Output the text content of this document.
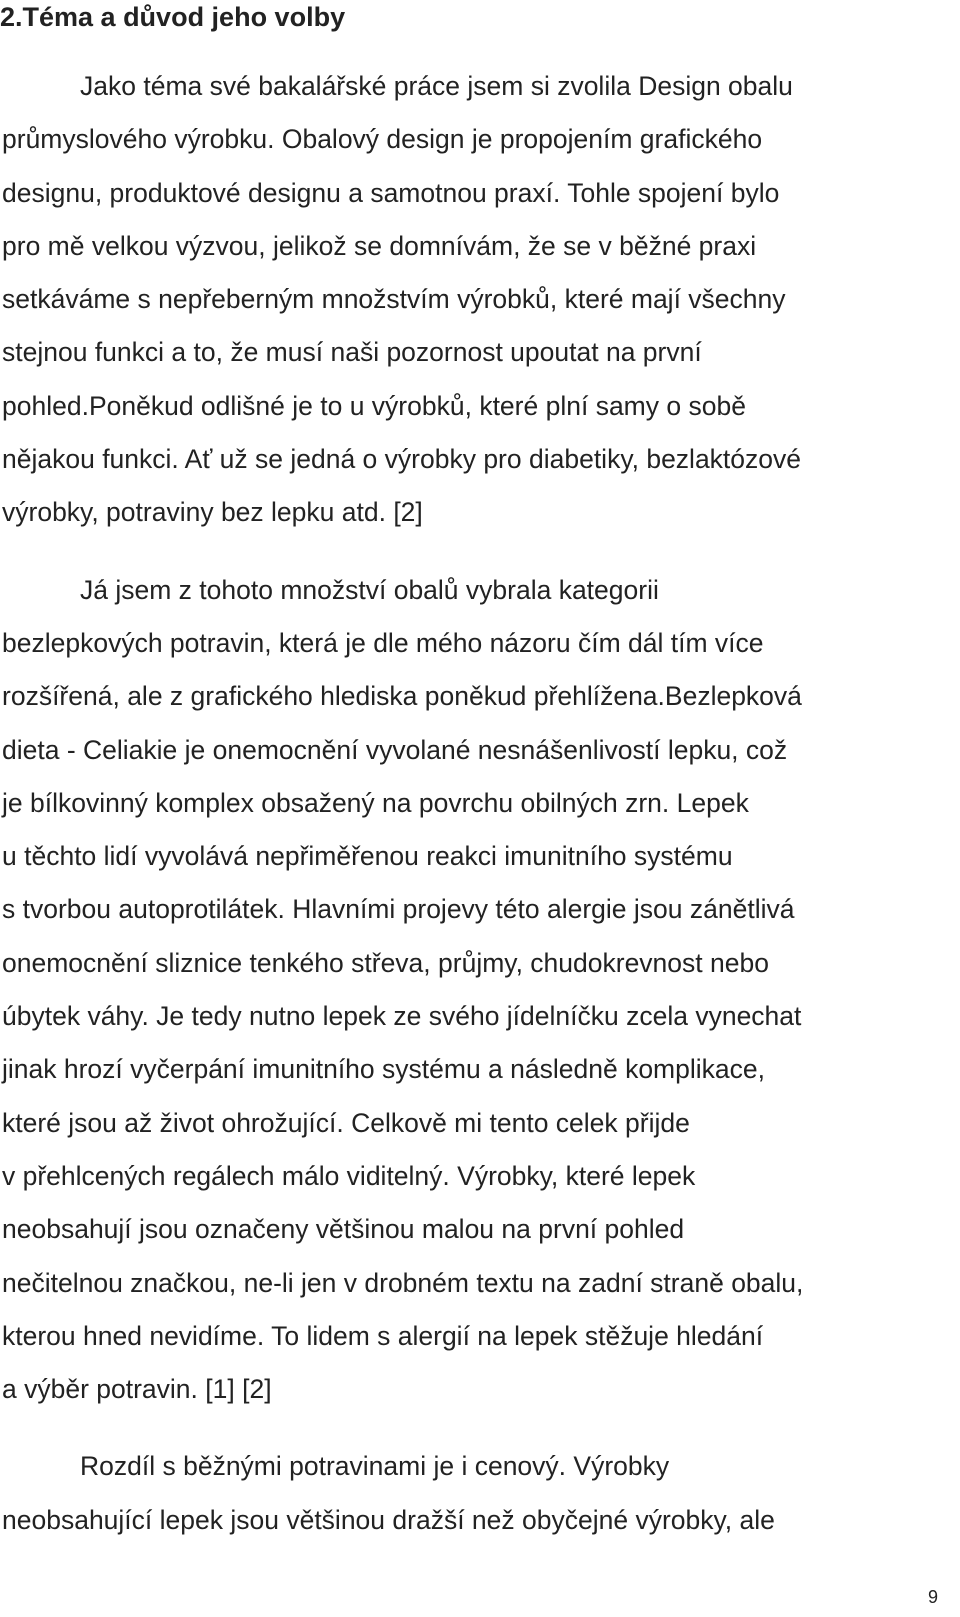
2.Téma a důvod jeho volby

Jako téma své bakalářské práce jsem si zvolila Design obalu
průmyslového výrobku. Obalový design je propojením grafického
designu, produktové designu a samotnou praxí. Tohle spojení bylo
pro mě velkou výzvou, jelikož se domnívám, že se v běžné praxi
setkáváme s nepřeberným množstvím výrobků, které mají všechny
stejnou funkci a to, že musí naši pozornost upoutat na první
pohled.Poněkud odlišné je to u výrobků, které plní samy o sobě
nějakou funkci. Ať už se jedná o výrobky pro diabetiky, bezlaktózové
výrobky, potraviny bez lepku atd. [2]

Já jsem z tohoto množství obalů vybrala kategorii
bezlepkových potravin, která je dle mého názoru čím dál tím více
rozšířená, ale z grafického hlediska poněkud přehlížena.Bezlepková
dieta - Celiakie je onemocnění vyvolané nesnášenlivostí lepku, což
je bílkovinný komplex obsažený na povrchu obilných zrn. Lepek
u těchto lidí vyvolává nepřiměřenou reakci imunitního systému
s tvorbou autoprotilátek. Hlavními projevy této alergie jsou zánětlivá
onemocnění sliznice tenkého střeva, průjmy, chudokrevnost nebo
úbytek váhy. Je tedy nutno lepek ze svého jídelníčku zcela vynechat
jinak hrozí vyčerpání imunitního systému a následně komplikace,
které jsou až život ohrožující. Celkově mi tento celek přijde
v přehlcených regálech málo viditelný. Výrobky, které lepek
neobsahují jsou označeny většinou malou na první pohled
nečitelnou značkou, ne-li jen v drobném textu na zadní straně obalu,
kterou hned nevidíme. To lidem s alergií na lepek stěžuje hledání
a výběr potravin. [1] [2]

Rozdíl s běžnými potravinami je i cenový. Výrobky
neobsahující lepek jsou většinou dražší než obyčejné výrobky, ale

9
